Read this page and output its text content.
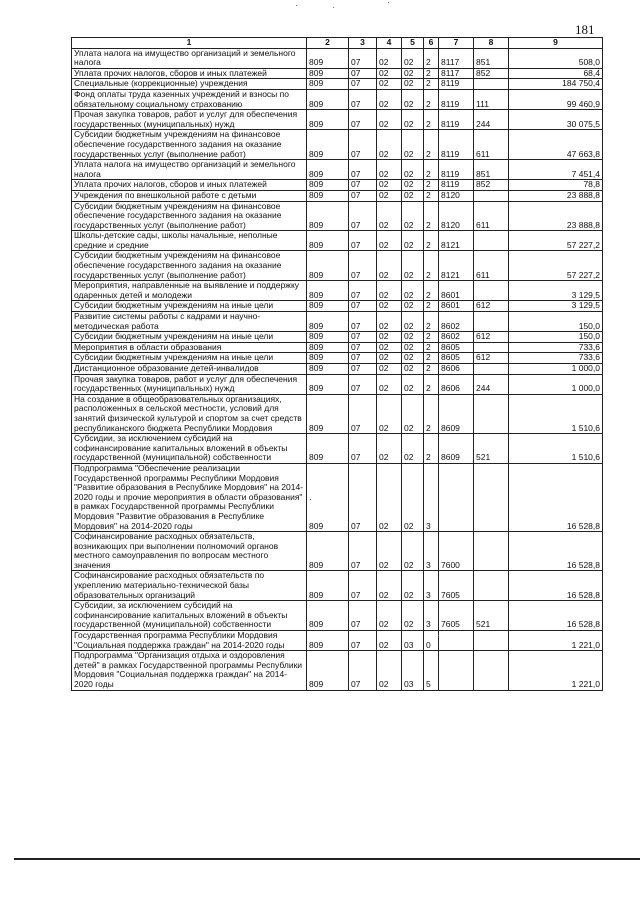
181
1	2	3	4	5	6	7	8	9
Уплата налога на имущество организаций и земельного налога	809	07	02	02	2	8117	851	508,0
Уплата прочих налогов, сборов и иных платежей	809	07	02	02	2	8117	852	68,4
Специальные (коррекционные) учреждения	809	07	02	02	2	8119		184 750,4
Фонд оплаты труда казенных учреждений и взносы по обязательному социальному страхованию	809	07	02	02	2	8119	111	99 460,9
Прочая закупка товаров, работ и услуг для обеспечения государственных (муниципальных) нужд	809	07	02	02	2	8119	244	30 075,5
Субсидии бюджетным учреждениям на финансовое обеспечение государственного задания на оказание государственных услуг (выполнение работ)	809	07	02	02	2	8119	611	47 663,8
Уплата налога на имущество организаций и земельного налога	809	07	02	02	2	8119	851	7 451,4
Уплата прочих налогов, сборов и иных платежей	809	07	02	02	2	8119	852	78,8
Учреждения по внешкольной работе с детьми	809	07	02	02	2	8120		23 888,8
Субсидии бюджетным учреждениям на финансовое обеспечение государственного задания на оказание государственных услуг (выполнение работ)	809	07	02	02	2	8120	611	23 888,8
Школы-детские сады, школы начальные, неполные средние и средние	809	07	02	02	2	8121		57 227,2
Субсидии бюджетным учреждениям на финансовое обеспечение государственного задания на оказание государственных услуг (выполнение работ)	809	07	02	02	2	8121	611	57 227,2
Мероприятия, направленные на выявление и поддержку одаренных детей и молодежи	809	07	02	02	2	8601		3 129,5
Субсидии бюджетным учреждениям на иные цели	809	07	02	02	2	8601	612	3 129,5
Развитие системы работы с кадрами и научно-методическая работа	809	07	02	02	2	8602		150,0
Субсидии бюджетным учреждениям на иные цели	809	07	02	02	2	8602	612	150,0
Мероприятия в области образования	809	07	02	02	2	8605		733,6
Субсидии бюджетным учреждениям на иные цели	809	07	02	02	2	8605	612	733,6
Дистанционное образование детей-инвалидов	809	07	02	02	2	8606		1 000,0
Прочая закупка товаров, работ и услуг для обеспечения государственных (муниципальных) нужд	809	07	02	02	2	8606	244	1 000,0
На создание в общеобразовательных организациях, расположенных в сельской местности, условий для занятий физической культурой и спортом за счет средств республиканского бюджета Республики Мордовия	809	07	02	02	2	8609		1 510,6
Субсидии, за исключением субсидий на софинансирование капитальных вложений в объекты государственной (муниципальной) собственности	809	07	02	02	2	8609	521	1 510,6
Подпрограмма "Обеспечение реализации Государственной программы Республики Мордовия "Развитие образования в Республике Мордовия" на 2014-2020 годы и прочие мероприятия в области образования" в рамках Государственной программы Республики Мордовия "Развитие образования в Республике Мордовия" на 2014-2020 годы	809	07	02	02	3			16 528,8
Софинансирование расходных обязательств, возникающих при выполнении полномочий органов местного самоуправления по вопросам местного значения	809	07	02	02	3	7600		16 528,8
Софинансирование расходных обязательств по укреплению материально-технической базы образовательных организаций	809	07	02	02	3	7605		16 528,8
Субсидии, за исключением субсидий на софинансирование капитальных вложений в объекты государственной (муниципальной) собственности	809	07	02	02	3	7605	521	16 528,8
Государственная программа Республики Мордовия "Социальная поддержка граждан" на 2014-2020 годы	809	07	02	03	0			1 221,0
Подпрограмма "Организация отдыха и оздоровления детей" в рамках Государственной программы Республики Мордовия "Социальная поддержка граждан" на 2014-2020 годы	809	07	02	03	5			1 221,0
